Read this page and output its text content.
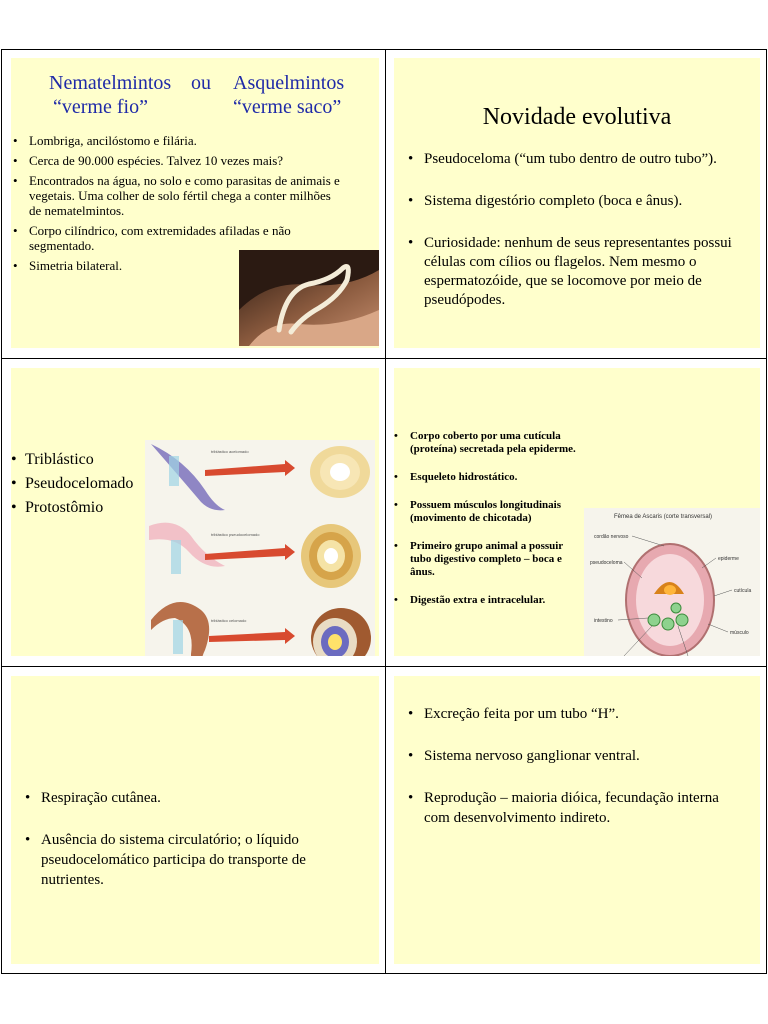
Nematelmintos ou Asquelmintos
“verme fio”	“verme saco”
• Lombriga, ancilóstomo e filária.
• Cerca de 90.000 espécies. Talvez 10 vezes mais?
• Encontrados na água, no solo e como parasitas de animais e vegetais. Uma colher de solo fértil chega a conter milhões de nematelmintos.
• Corpo cilíndrico, com extremidades afiladas e não segmentado.
• Simetria bilateral.
Novidade evolutiva
• Pseudoceloma (“um tubo dentro de outro tubo”).
• Sistema digestório completo (boca e ânus).
• Curiosidade: nenhum de seus representantes possui células com cílios ou flagelos. Nem mesmo o espermatozóide, que se locomove por meio de pseudópodes.
• Triblástico
• Pseudocelomado
• Protostômio
triblástico acelomado
triblástico pseudocelomado
triblástico celomado
• Corpo coberto por uma cutícula (proteína) secretada pela epiderme.
• Esqueleto hidrostático.
• Possuem músculos longitudinais (movimento de chicotada)
• Primeiro grupo animal a possuir tubo digestivo completo – boca e ânus.
• Digestão extra e intracelular.
Fêmea de Ascaris (corte transversal)
cordão nervoso
pseudoceloma
intestino
útero	ovário
epiderme
cutícula
músculo
• Respiração cutânea.
• Ausência do sistema circulatório; o líquido pseudocelomático participa do transporte de nutrientes.
• Excreção feita por um tubo “H”.
• Sistema nervoso ganglionar ventral.
• Reprodução – maioria dióica, fecundação interna com desenvolvimento indireto.
